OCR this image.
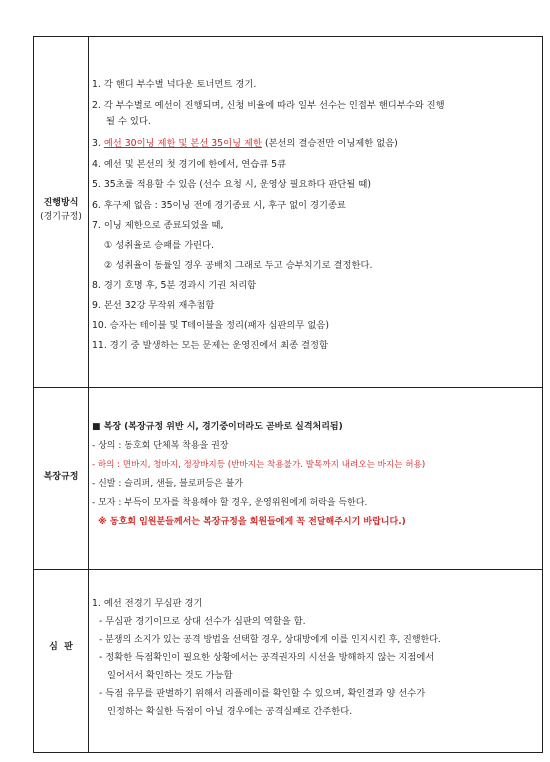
진행방식
(경기규정)
1. 각 핸디 부수별 넉다운 토너먼트 경기.
2. 각 부수별로 예선이 진행되며, 신청 비율에 따라 일부 선수는 인접부 핸디부수와 진행
될 수 있다.
3. 예선 30이닝 제한 및 본선 35이닝 제한 (본선의 결승전만 이닝제한 없음)
4. 예선 및 본선의 첫 경기에 한에서, 연습큐 5큐
5. 35초룰 적용할 수 있음 (선수 요청 시, 운영상 필요하다 판단될 때)
6. 후구제 없음 : 35이닝 전에 경기종료 시, 후구 없이 경기종료
7. 이닝 제한으로 종료되었을 때,
① 성취율로 승패를 가린다.
② 성취율이 동률일 경우 공배치 그래로 두고 승부치기로 결정한다.
8. 경기 호명 후, 5분 경과시 기권 처리함
9. 본선 32강 무작위 재추첨함
10. 승자는 테이블 및 T테이블을 정리(패자 심판의무 없음)
11. 경기 중 발생하는 모든 문제는 운영진에서 최종 결정함
복장규정
■ 복장 (복장규정 위반 시, 경기중이더라도 곧바로 실격처리됨)
- 상의 : 동호회 단체복 착용을 권장
- 하의 : 면바지, 청바지, 정장바지등 (반바지는 착용불가. 발목까지 내려오는 바지는 허용)
- 신발 : 슬리퍼, 샌들, 블로퍼등은 불가
- 모자 : 부득이 모자를 착용해야 할 경우, 운영위원에게 허락을 득한다.
※ 동호회 임원분들께서는 복장규정을 회원들에게 꼭 전달해주시기 바랍니다.)
심  판
1. 예선 전경기 무심판 경기
- 무심판 경기이므로 상대 선수가 심판의 역할을 함.
- 분쟁의 소지가 있는 공격 방법을 선택할 경우, 상대방에게 이를 인지시킨 후, 진행한다.
- 정확한 득점확인이 필요한 상황에서는 공격권자의 시선을 방해하지 않는 지점에서
일어서서 확인하는 것도 가능함
- 득점 유무를 판별하기 위해서 리플레이를 확인할 수 있으며, 확인결과 양 선수가
인정하는 확실한 득점이 아닐 경우에는 공격실패로 간주한다.
